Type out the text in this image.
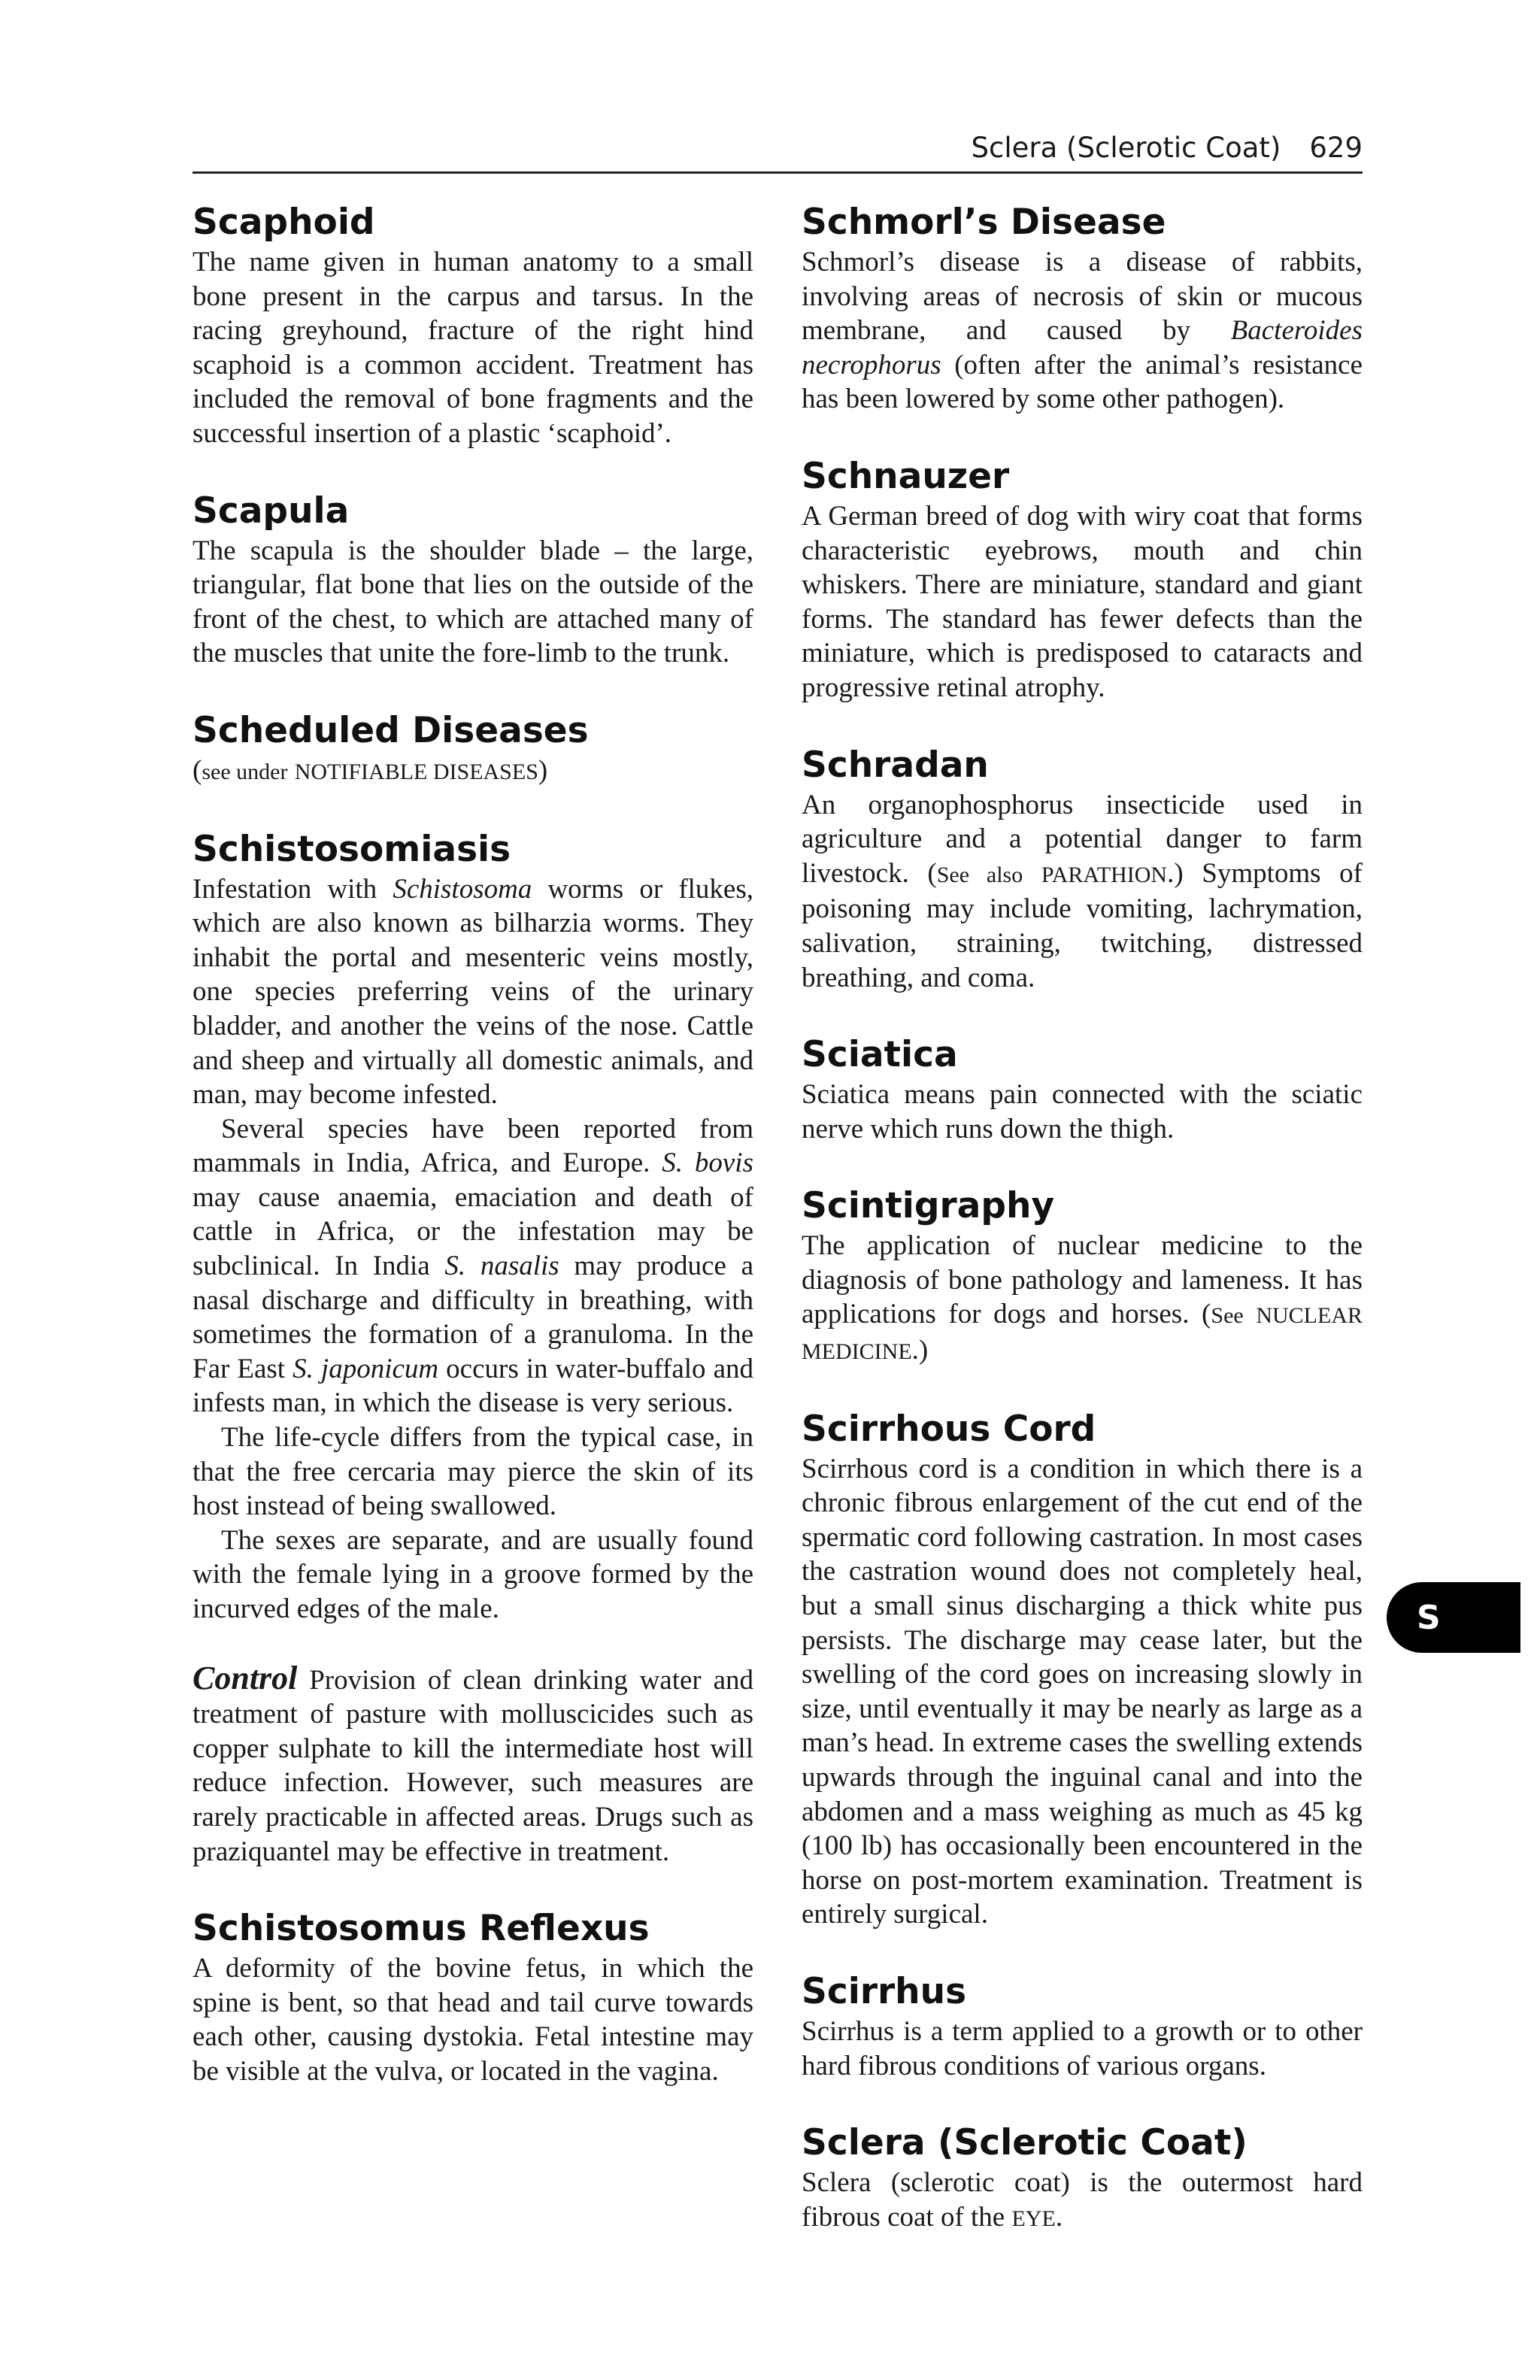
Sclera (Sclerotic Coat) 629
Scaphoid

The name given in human anatomy to a small bone present in the carpus and tarsus. In the racing greyhound, fracture of the right hind scaphoid is a common accident. Treatment has included the removal of bone fragments and the successful insertion of a plastic ‘scaphoid’.

Scapula

The scapula is the shoulder blade – the large, triangular, flat bone that lies on the outside of the front of the chest, to which are attached many of the muscles that unite the fore-limb to the trunk.

Scheduled Diseases

(see under NOTIFIABLE DISEASES)

Schistosomiasis

Infestation with Schistosoma worms or flukes, which are also known as bilharzia worms. They inhabit the portal and mesenteric veins mostly, one species preferring veins of the urinary bladder, and another the veins of the nose. Cattle and sheep and virtually all domestic animals, and man, may become infested.

Several species have been reported from mammals in India, Africa, and Europe. S. bovis may cause anaemia, emaciation and death of cattle in Africa, or the infestation may be subclinical. In India S. nasalis may produce a nasal discharge and difficulty in breathing, with sometimes the formation of a granuloma. In the Far East S. japonicum occurs in water-buffalo and infests man, in which the disease is very serious.

The life-cycle differs from the typical case, in that the free cercaria may pierce the skin of its host instead of being swallowed.

The sexes are separate, and are usually found with the female lying in a groove formed by the incurved edges of the male.

Control Provision of clean drinking water and treatment of pasture with molluscicides such as copper sulphate to kill the intermediate host will reduce infection. However, such measures are rarely practicable in affected areas. Drugs such as praziquantel may be effective in treatment.

Schistosomus Reflexus

A deformity of the bovine fetus, in which the spine is bent, so that head and tail curve towards each other, causing dystokia. Fetal intestine may be visible at the vulva, or located in the vagina.

Schmorl’s Disease

Schmorl’s disease is a disease of rabbits, involving areas of necrosis of skin or mucous membrane, and caused by Bacteroides necrophorus (often after the animal’s resistance has been lowered by some other pathogen).

Schnauzer

A German breed of dog with wiry coat that forms characteristic eyebrows, mouth and chin whiskers. There are miniature, standard and giant forms. The standard has fewer defects than the miniature, which is predisposed to cataracts and progressive retinal atrophy.

Schradan

An organophosphorus insecticide used in agriculture and a potential danger to farm livestock. (See also PARATHION.) Symptoms of poisoning may include vomiting, lachrymation, salivation, straining, twitching, distressed breathing, and coma.

Sciatica

Sciatica means pain connected with the sciatic nerve which runs down the thigh.

Scintigraphy

The application of nuclear medicine to the diagnosis of bone pathology and lameness. It has applications for dogs and horses. (See NUCLEAR MEDICINE.)

Scirrhous Cord

Scirrhous cord is a condition in which there is a chronic fibrous enlargement of the cut end of the spermatic cord following castration. In most cases the castration wound does not completely heal, but a small sinus discharging a thick white pus persists. The discharge may cease later, but the swelling of the cord goes on increasing slowly in size, until eventually it may be nearly as large as a man’s head. In extreme cases the swelling extends upwards through the inguinal canal and into the abdomen and a mass weighing as much as 45 kg (100 lb) has occasionally been encountered in the horse on post-mortem examination. Treatment is entirely surgical.

Scirrhus

Scirrhus is a term applied to a growth or to other hard fibrous conditions of various organs.

Sclera (Sclerotic Coat)

Sclera (sclerotic coat) is the outermost hard fibrous coat of the EYE.

S
